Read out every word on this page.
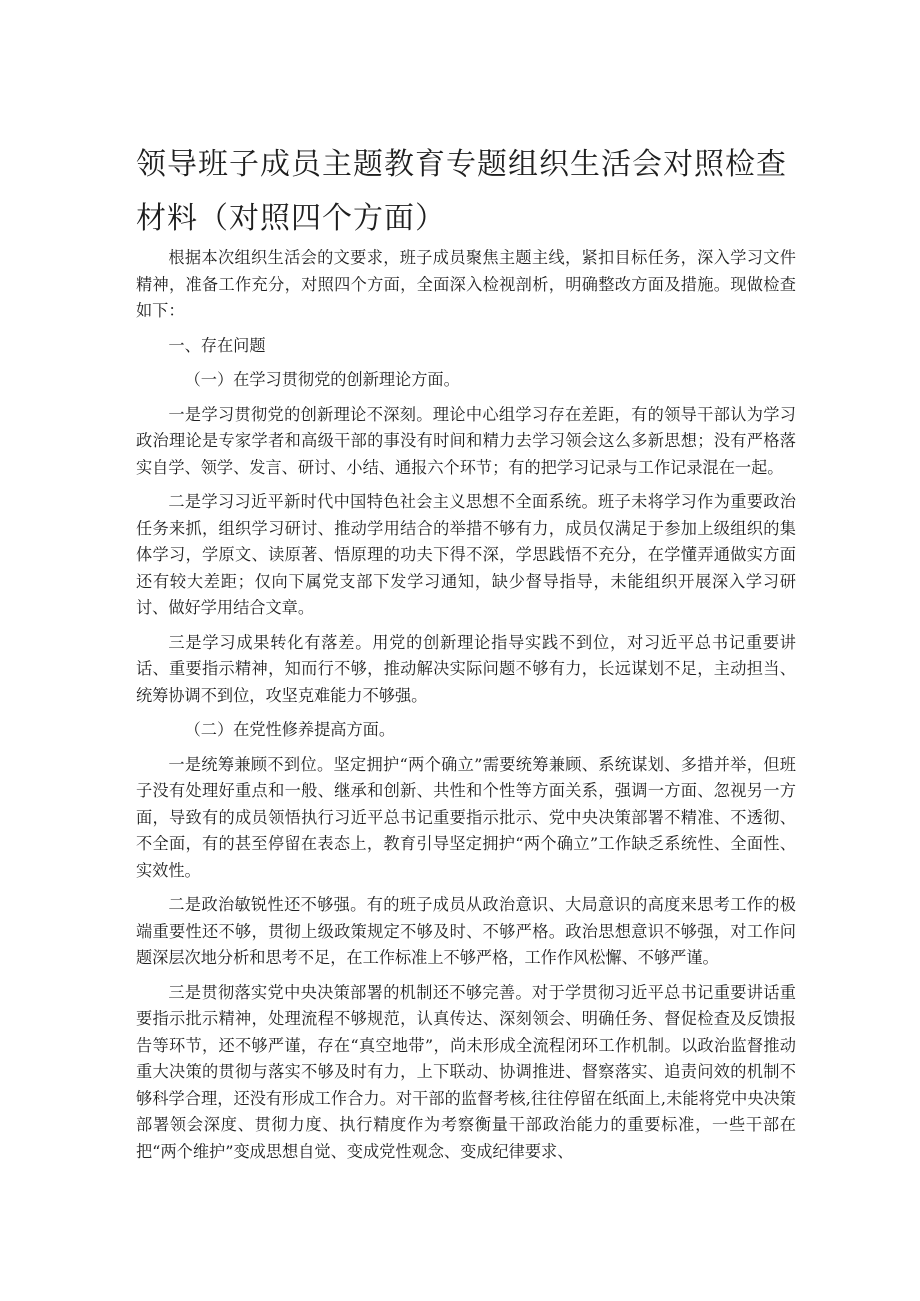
领导班子成员主题教育专题组织生活会对照检查材料（对照四个方面）

根据本次组织生活会的文要求，班子成员聚焦主题主线，紧扣目标任务，深入学习文件精神，准备工作充分，对照四个方面，全面深入检视剖析，明确整改方面及措施。现做检查如下：

一、存在问题

（一）在学习贯彻党的创新理论方面。

一是学习贯彻党的创新理论不深刻。理论中心组学习存在差距，有的领导干部认为学习政治理论是专家学者和高级干部的事没有时间和精力去学习领会这么多新思想；没有严格落实自学、领学、发言、研讨、小结、通报六个环节；有的把学习记录与工作记录混在一起。

二是学习习近平新时代中国特色社会主义思想不全面系统。班子未将学习作为重要政治任务来抓，组织学习研讨、推动学用结合的举措不够有力，成员仅满足于参加上级组织的集体学习，学原文、读原著、悟原理的功夫下得不深，学思践悟不充分，在学懂弄通做实方面还有较大差距；仅向下属党支部下发学习通知，缺少督导指导，未能组织开展深入学习研讨、做好学用结合文章。

三是学习成果转化有落差。用党的创新理论指导实践不到位，对习近平总书记重要讲话、重要指示精神，知而行不够，推动解决实际问题不够有力，长远谋划不足，主动担当、统筹协调不到位，攻坚克难能力不够强。

（二）在党性修养提高方面。

一是统筹兼顾不到位。坚定拥护“两个确立”需要统筹兼顾、系统谋划、多措并举，但班子没有处理好重点和一般、继承和创新、共性和个性等方面关系，强调一方面、忽视另一方面，导致有的成员领悟执行习近平总书记重要指示批示、党中央决策部署不精准、不透彻、不全面，有的甚至停留在表态上，教育引导坚定拥护“两个确立”工作缺乏系统性、全面性、实效性。

二是政治敏锐性还不够强。有的班子成员从政治意识、大局意识的高度来思考工作的极端重要性还不够，贯彻上级政策规定不够及时、不够严格。政治思想意识不够强，对工作问题深层次地分析和思考不足，在工作标准上不够严格，工作作风松懈、不够严谨。

三是贯彻落实党中央决策部署的机制还不够完善。对于学贯彻习近平总书记重要讲话重要指示批示精神，处理流程不够规范，认真传达、深刻领会、明确任务、督促检查及反馈报告等环节，还不够严谨，存在“真空地带”，尚未形成全流程闭环工作机制。以政治监督推动重大决策的贯彻与落实不够及时有力，上下联动、协调推进、督察落实、追责问效的机制不够科学合理，还没有形成工作合力。对干部的监督考核,往往停留在纸面上,未能将党中央决策部署领会深度、贯彻力度、执行精度作为考察衡量干部政治能力的重要标准，一些干部在把“两个维护”变成思想自觉、变成党性观念、变成纪律要求、
